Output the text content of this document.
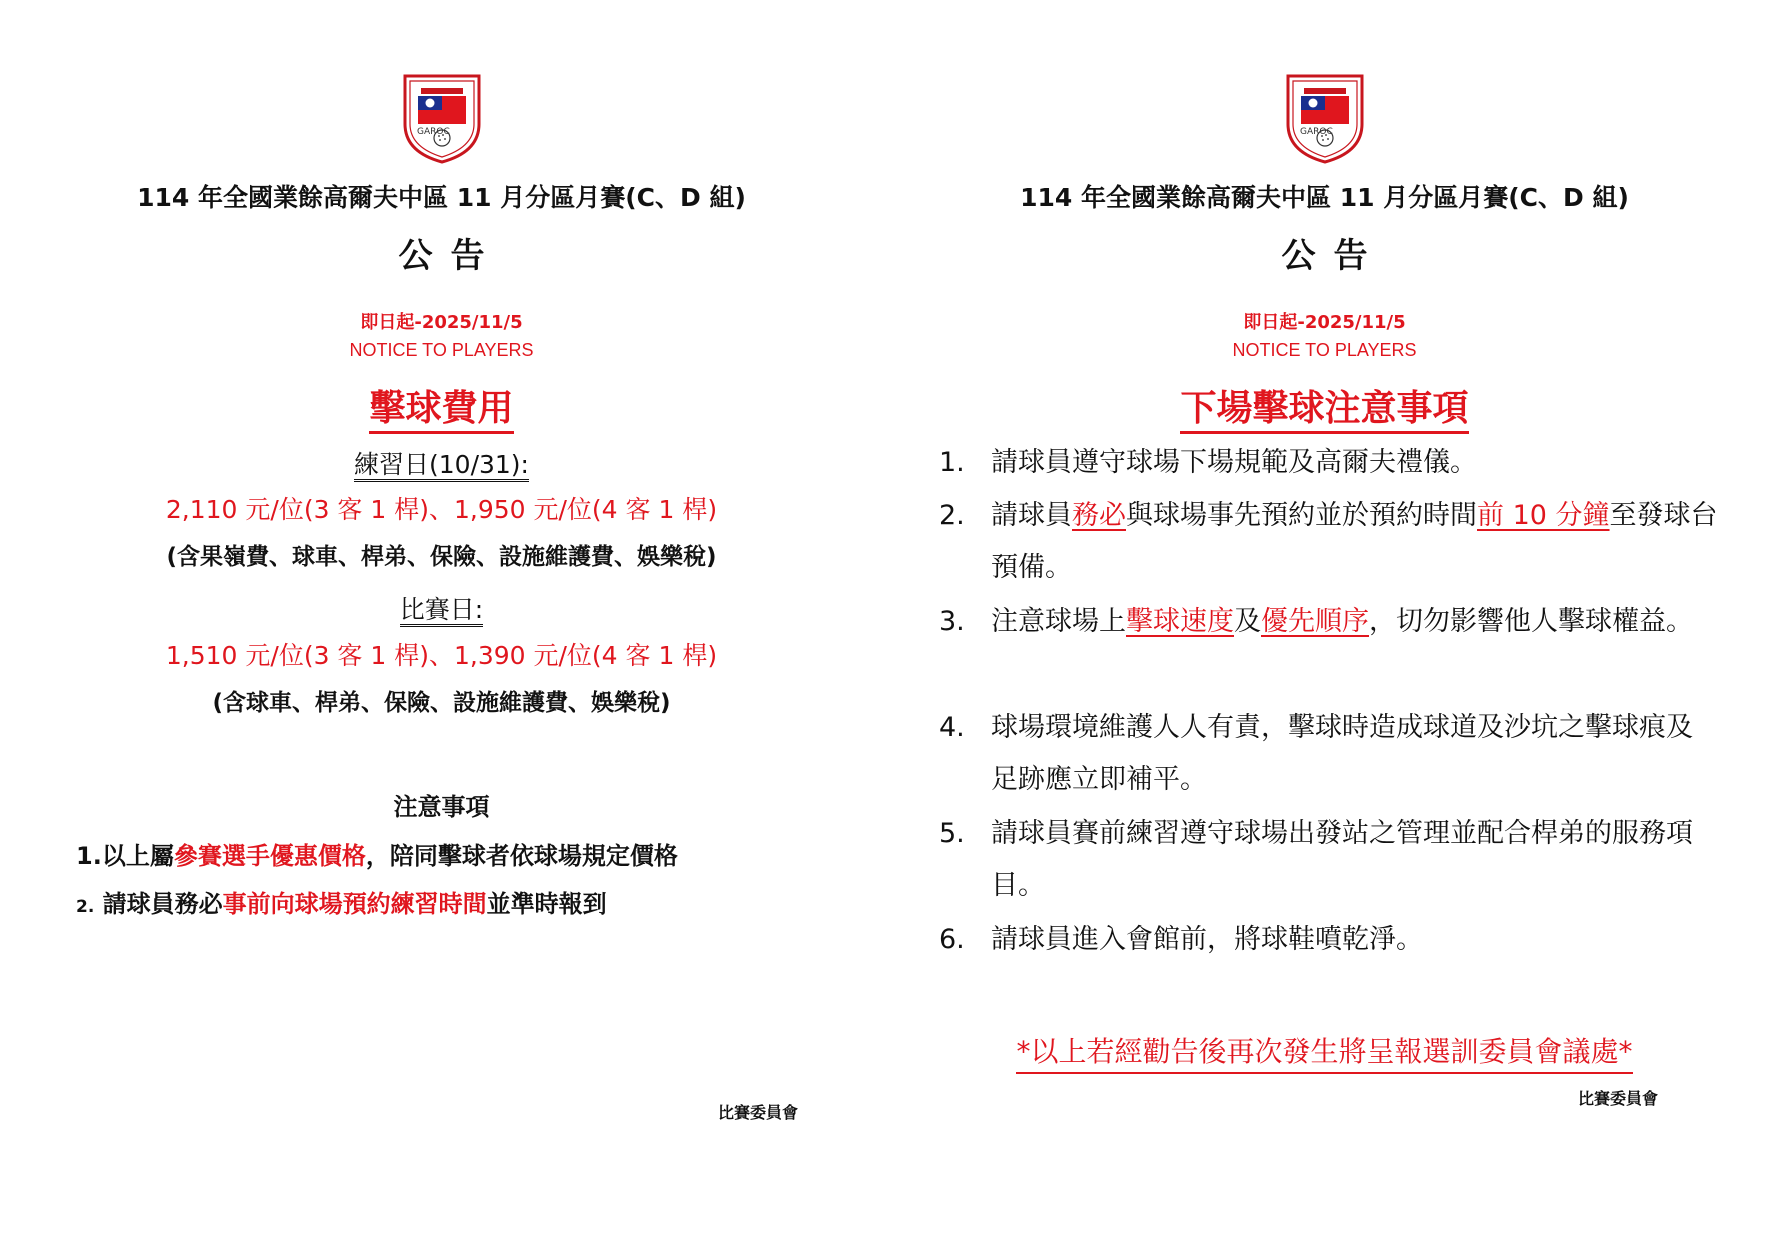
GAROC
114 年全國業餘高爾夫中區 11 月分區月賽(C、D 組)
公告
即日起-2025/11/5
NOTICE TO PLAYERS
擊球費用
練習日(10/31):
2,110 元/位(3 客 1 桿)、1,950 元/位(4 客 1 桿)
(含果嶺費、球車、桿弟、保險、設施維護費、娛樂稅)
比賽日:
1,510 元/位(3 客 1 桿)、1,390 元/位(4 客 1 桿)
(含球車、桿弟、保險、設施維護費、娛樂稅)
注意事項
1.以上屬參賽選手優惠價格，陪同擊球者依球場規定價格
2. 請球員務必事前向球場預約練習時間並準時報到
比賽委員會
GAROC
114 年全國業餘高爾夫中區 11 月分區月賽(C、D 組)
公告
即日起-2025/11/5
NOTICE TO PLAYERS
下場擊球注意事項
1. 請球員遵守球場下場規範及高爾夫禮儀。
2. 請球員務必與球場事先預約並於預約時間前 10 分鐘至發球台預備。
3. 注意球場上擊球速度及優先順序，切勿影響他人擊球權益。
4. 球場環境維護人人有責，擊球時造成球道及沙坑之擊球痕及足跡應立即補平。
5. 請球員賽前練習遵守球場出發站之管理並配合桿弟的服務項目。
6. 請球員進入會館前，將球鞋噴乾淨。
*以上若經勸告後再次發生將呈報選訓委員會議處*
比賽委員會
